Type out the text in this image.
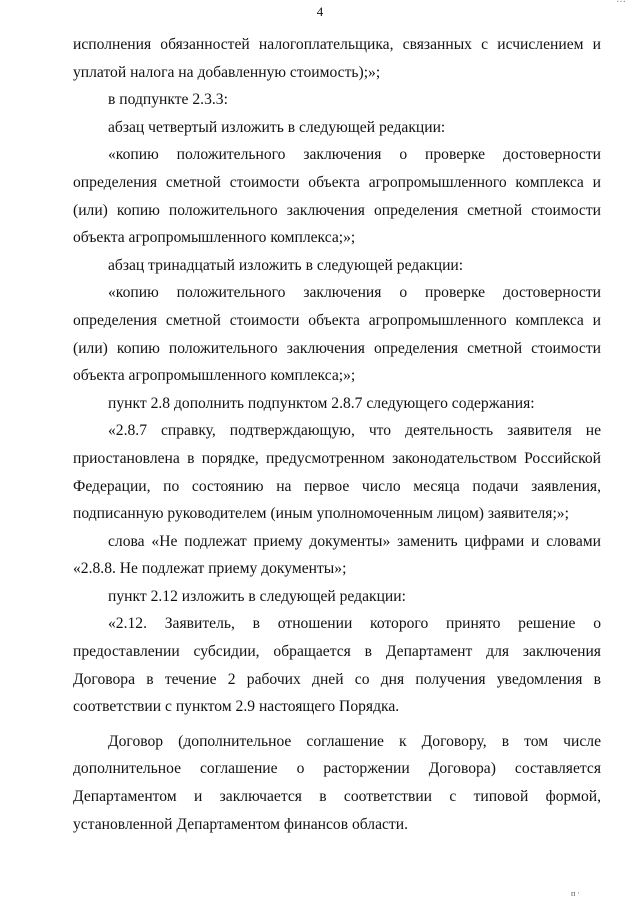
4

исполнения обязанностей налогоплательщика, связанных с исчислением и уплатой налога на добавленную стоимость);»;

в подпункте 2.3.3:

абзац четвертый изложить в следующей редакции:

«копию положительного заключения о проверке достоверности определения сметной стоимости объекта агропромышленного комплекса и (или) копию положительного заключения определения сметной стоимости объекта агропромышленного комплекса;»;

абзац тринадцатый изложить в следующей редакции:

«копию положительного заключения о проверке достоверности определения сметной стоимости объекта агропромышленного комплекса и (или) копию положительного заключения определения сметной стоимости объекта агропромышленного комплекса;»;

пункт 2.8 дополнить подпунктом 2.8.7 следующего содержания:

«2.8.7 справку, подтверждающую, что деятельность заявителя не приостановлена в порядке, предусмотренном законодательством Российской Федерации, по состоянию на первое число месяца подачи заявления, подписанную руководителем (иным уполномоченным лицом) заявителя;»;

слова «Не подлежат приему документы» заменить цифрами и словами «2.8.8. Не подлежат приему документы»;

пункт 2.12 изложить в следующей редакции:

«2.12. Заявитель, в отношении которого принято решение о предоставлении субсидии, обращается в Департамент для заключения Договора в течение 2 рабочих дней со дня получения уведомления в соответствии с пунктом 2.9 настоящего Порядка.

Договор (дополнительное соглашение к Договору, в том числе дополнительное соглашение о расторжении Договора) составляется Департаментом и заключается в соответствии с типовой формой, установленной Департаментом финансов области.

п ·
